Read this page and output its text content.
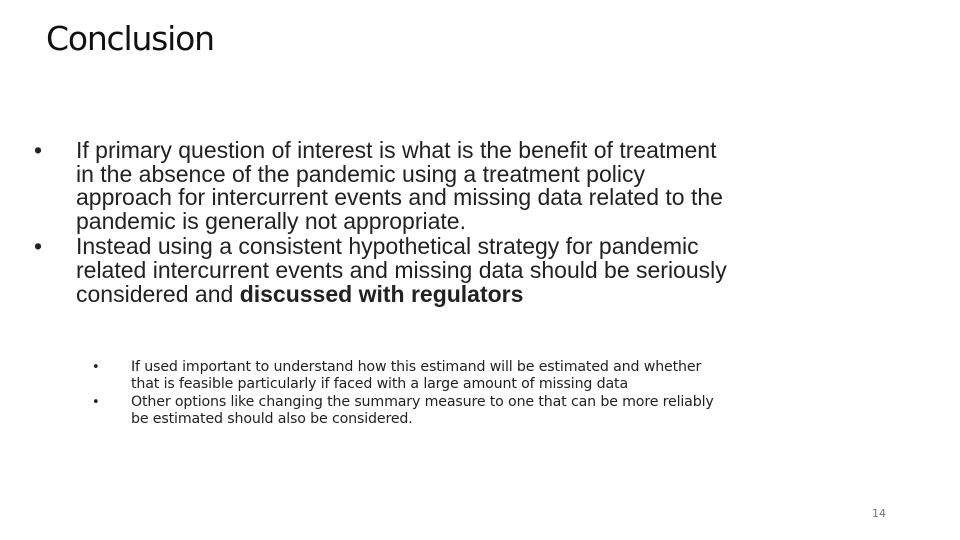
Conclusion
•	If primary question of interest is what is the benefit of treatment in the absence of the pandemic using a treatment policy approach for intercurrent events and missing data related to the pandemic is generally not appropriate.
•	Instead using a consistent hypothetical strategy for pandemic related intercurrent events and missing data should be seriously considered and discussed with regulators
• If used important to understand how this estimand will be estimated and whether that is feasible particularly if faced with a large amount of missing data
• Other options like changing the summary measure to one that can be more reliably be estimated should also be considered.
14
